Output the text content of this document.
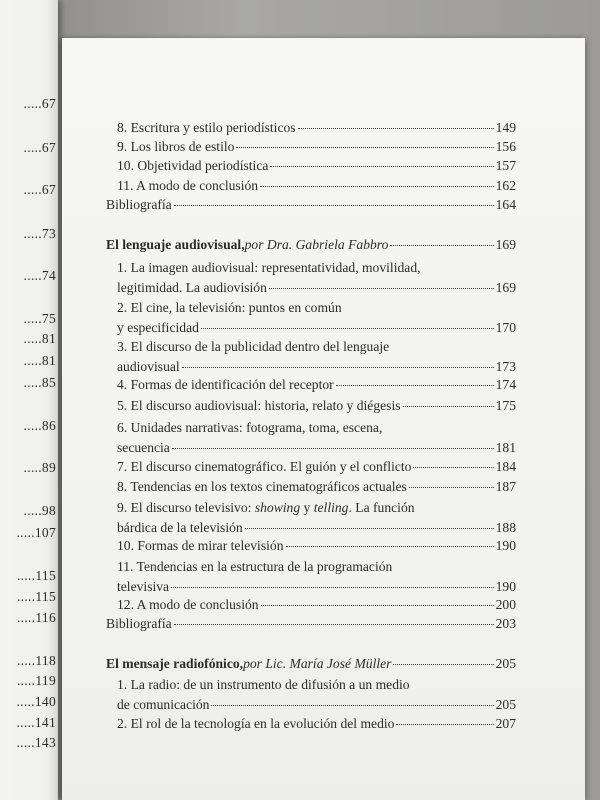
.....67
.....67
.....67
.....73
.....74
.....75
.....81
.....81
.....85
.....86
.....89
.....98
.....107
.....115
.....115
.....116
.....118
.....119
.....140
.....141
.....143
8. Escritura y estilo periodísticos	149
9. Los libros de estilo	156
10. Objetividad periodística	157
11. A modo de conclusión	162
Bibliografía	164
El lenguaje audiovisual, por Dra. Gabriela Fabbro	169
1. La imagen audiovisual: representatividad, movilidad,
legitimidad. La audiovisión	169
2. El cine, la televisión: puntos en común
y especificidad	170
3. El discurso de la publicidad dentro del lenguaje
audiovisual	173
4. Formas de identificación del receptor	174
5. El discurso audiovisual: historia, relato y diégesis	175
6. Unidades narrativas: fotograma, toma, escena,
secuencia	181
7. El discurso cinematográfico. El guión y el conflicto	184
8. Tendencias en los textos cinematográficos actuales	187
9. El discurso televisivo: showing y telling. La función
bárdica de la televisión	188
10. Formas de mirar televisión	190
11. Tendencias en la estructura de la programación
televisiva	190
12. A modo de conclusión	200
Bibliografía	203
El mensaje radiofónico, por Lic. María José Müller	205
1. La radio: de un instrumento de difusión a un medio
de comunicación	205
2. El rol de la tecnología en la evolución del medio	207
